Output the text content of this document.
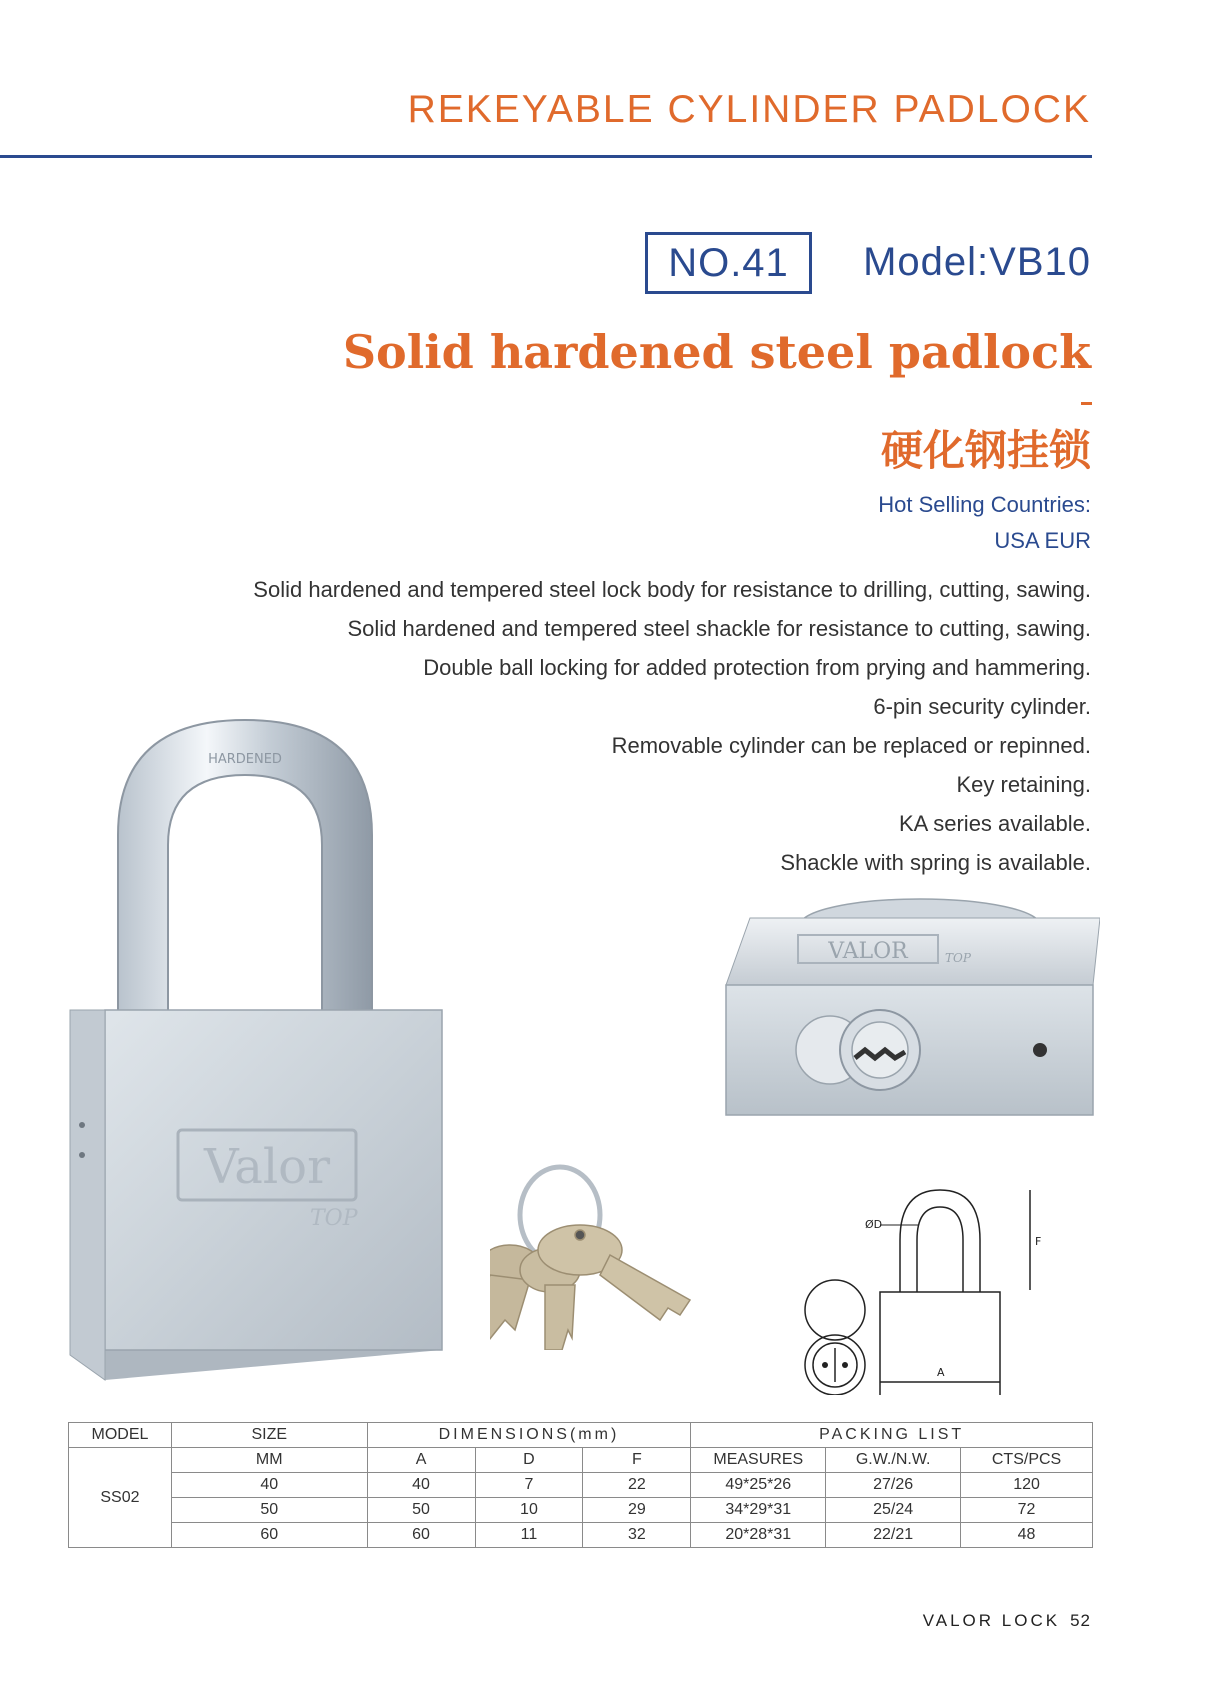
REKEYABLE CYLINDER PADLOCK
NO.41	Model:VB10
Solid hardened steel padlock
硬化钢挂锁
Hot Selling Countries:
USA EUR
Solid hardened and tempered steel lock body for resistance to drilling, cutting, sawing.
Solid hardened and tempered steel shackle for resistance to cutting, sawing.
Double ball locking for added protection from prying and hammering.
6-pin security cylinder.
Removable cylinder can be replaced or repinned.
Key retaining.
KA series available.
Shackle with spring is available.
HARDENED
Valor
TOP
VALOR	TOP
ØD
F
A
MODEL	SIZE	DIMENSIONS(mm)			PACKING LIST		
SS02	MM	A	D	F	MEASURES	G.W./N.W.	CTS/PCS
	40	40	7	22	49*25*26	27/26	120
	50	50	10	29	34*29*31	25/24	72
	60	60	11	32	20*28*31	22/21	48
VALOR LOCK 52
